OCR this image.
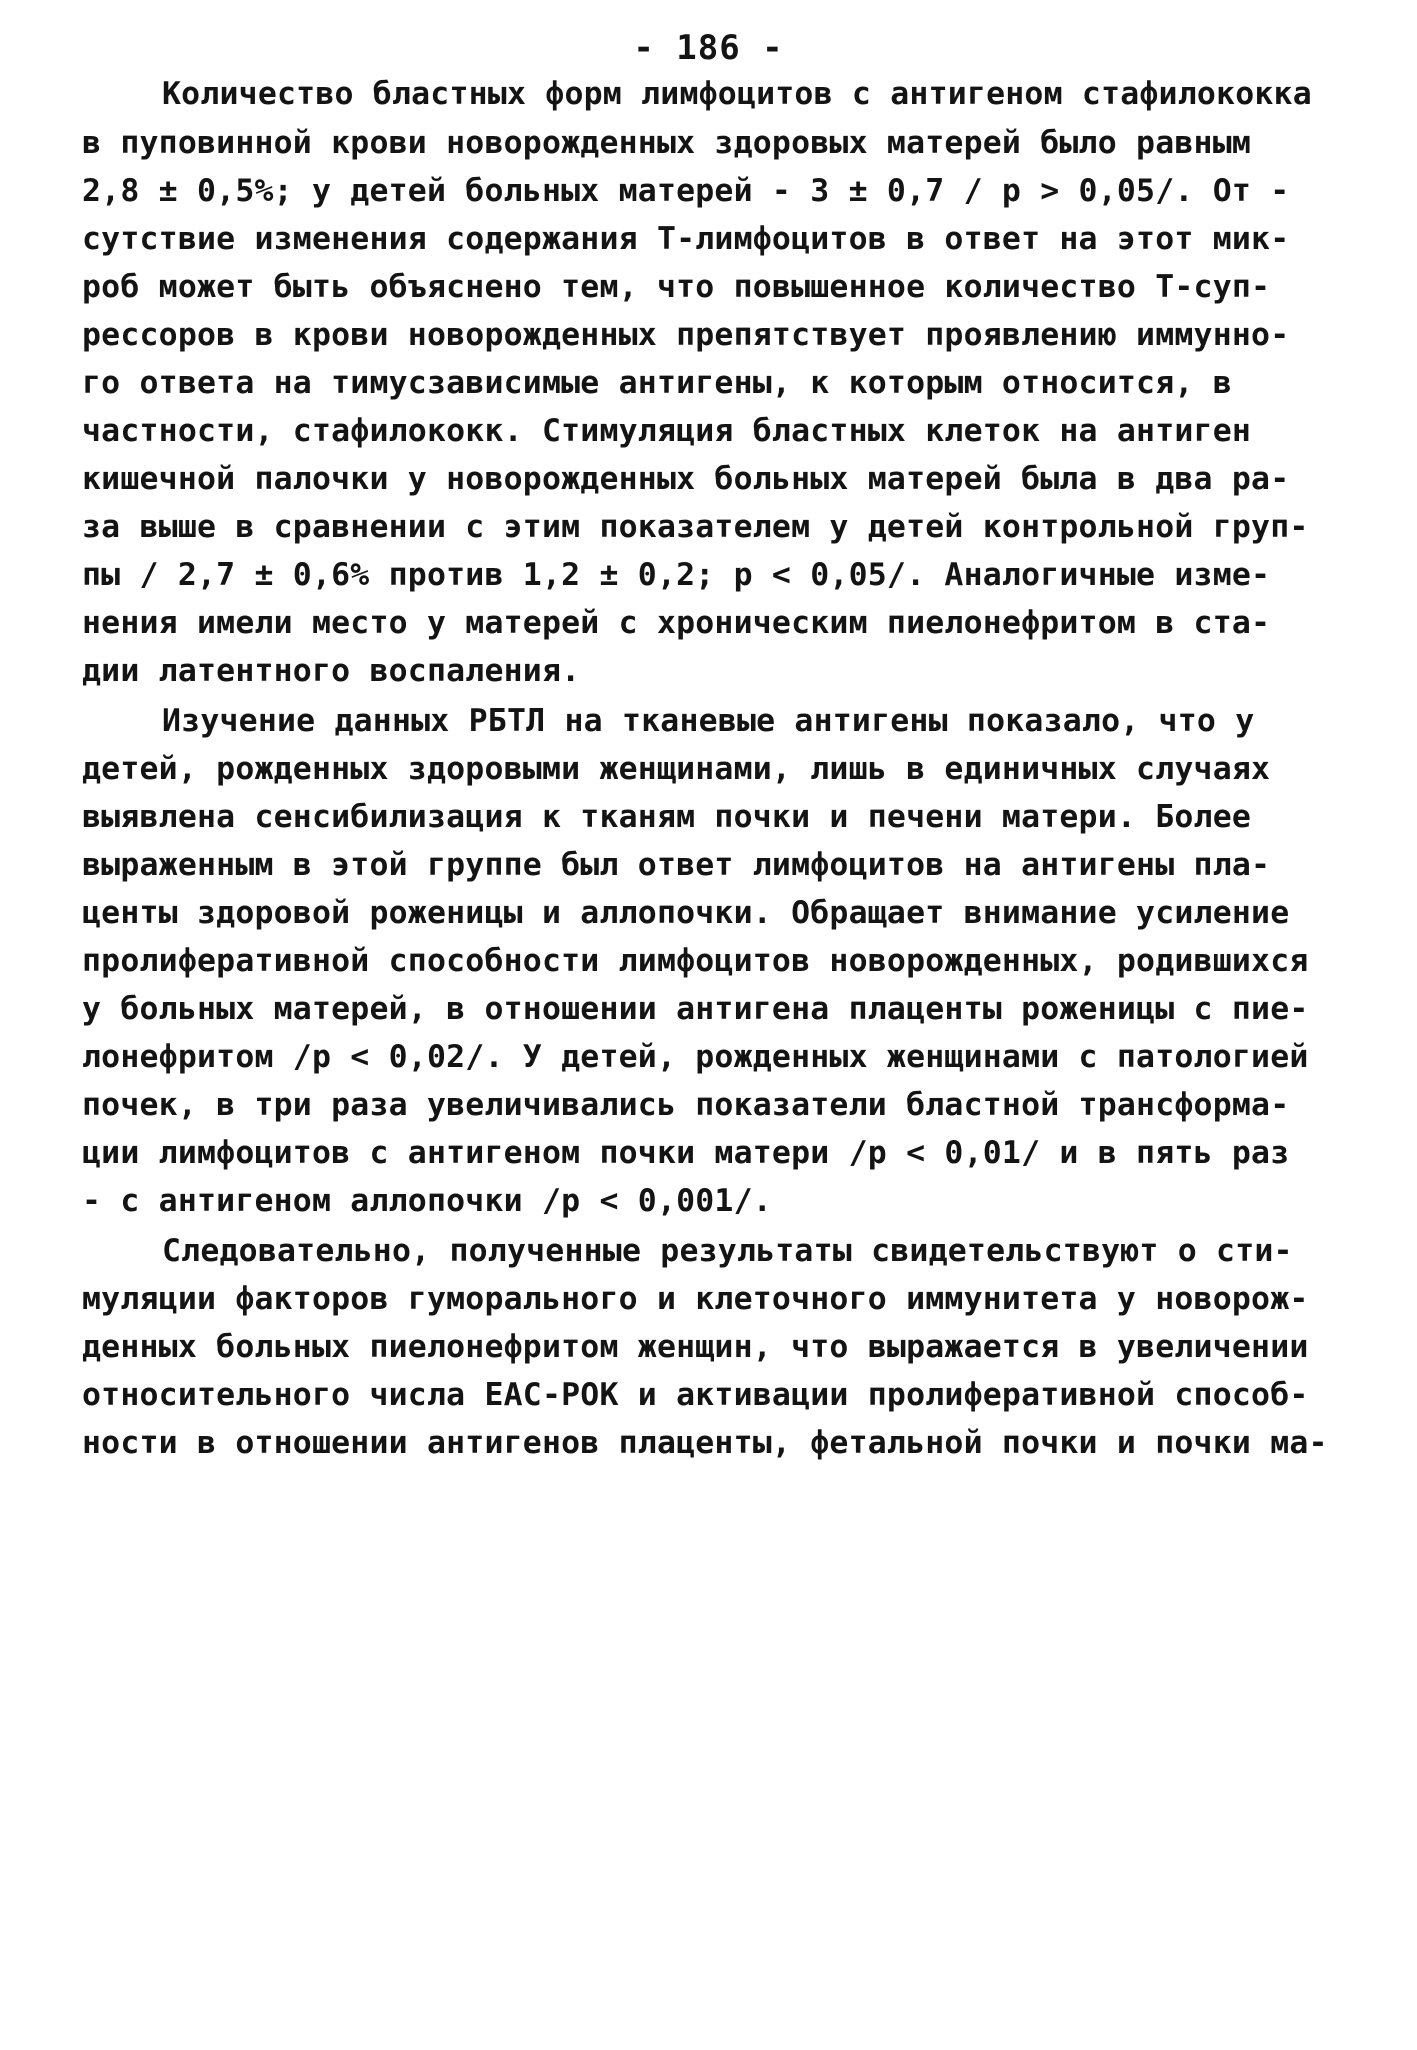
- 186 -
Количество бластных форм лимфоцитов с антигеном стафилококка
в пуповинной крови новорожденных здоровых матерей было равным
2,8 ± 0,5%; у детей больных матерей - 3 ± 0,7 / р > 0,05/. От -
сутствие изменения содержания Т-лимфоцитов в ответ на этот мик-
роб может быть объяснено тем, что повышенное количество Т-суп-
рессоров в крови новорожденных препятствует проявлению иммунно-
го ответа на тимусзависимые антигены, к которым относится, в
частности, стафилококк. Стимуляция бластных клеток на антиген
кишечной палочки у новорожденных больных матерей была в два ра-
за выше в сравнении с этим показателем у детей контрольной груп-
пы / 2,7 ± 0,6% против 1,2 ± 0,2; р < 0,05/. Аналогичные изме-
нения имели место у матерей с хроническим пиелонефритом в ста-
дии латентного воспаления.
Изучение данных РБТЛ на тканевые антигены показало, что у
детей, рожденных здоровыми женщинами, лишь в единичных случаях
выявлена сенсибилизация к тканям почки и печени матери. Более
выраженным в этой группе был ответ лимфоцитов на антигены пла-
центы здоровой роженицы и аллопочки. Обращает внимание усиление
пролиферативной способности лимфоцитов новорожденных, родившихся
у больных матерей, в отношении антигена плаценты роженицы с пие-
лонефритом /р < 0,02/. У детей, рожденных женщинами с патологией
почек, в три раза увеличивались показатели бластной трансформа-
ции лимфоцитов с антигеном почки матери /р < 0,01/ и в пять раз
- с антигеном аллопочки /р < 0,001/.
Следовательно, полученные результаты свидетельствуют о сти-
муляции факторов гуморального и клеточного иммунитета у новорож-
денных больных пиелонефритом женщин, что выражается в увеличении
относительного числа ЕАС-РОК и активации пролиферативной способ-
ности в отношении антигенов плаценты, фетальной почки и почки ма-
